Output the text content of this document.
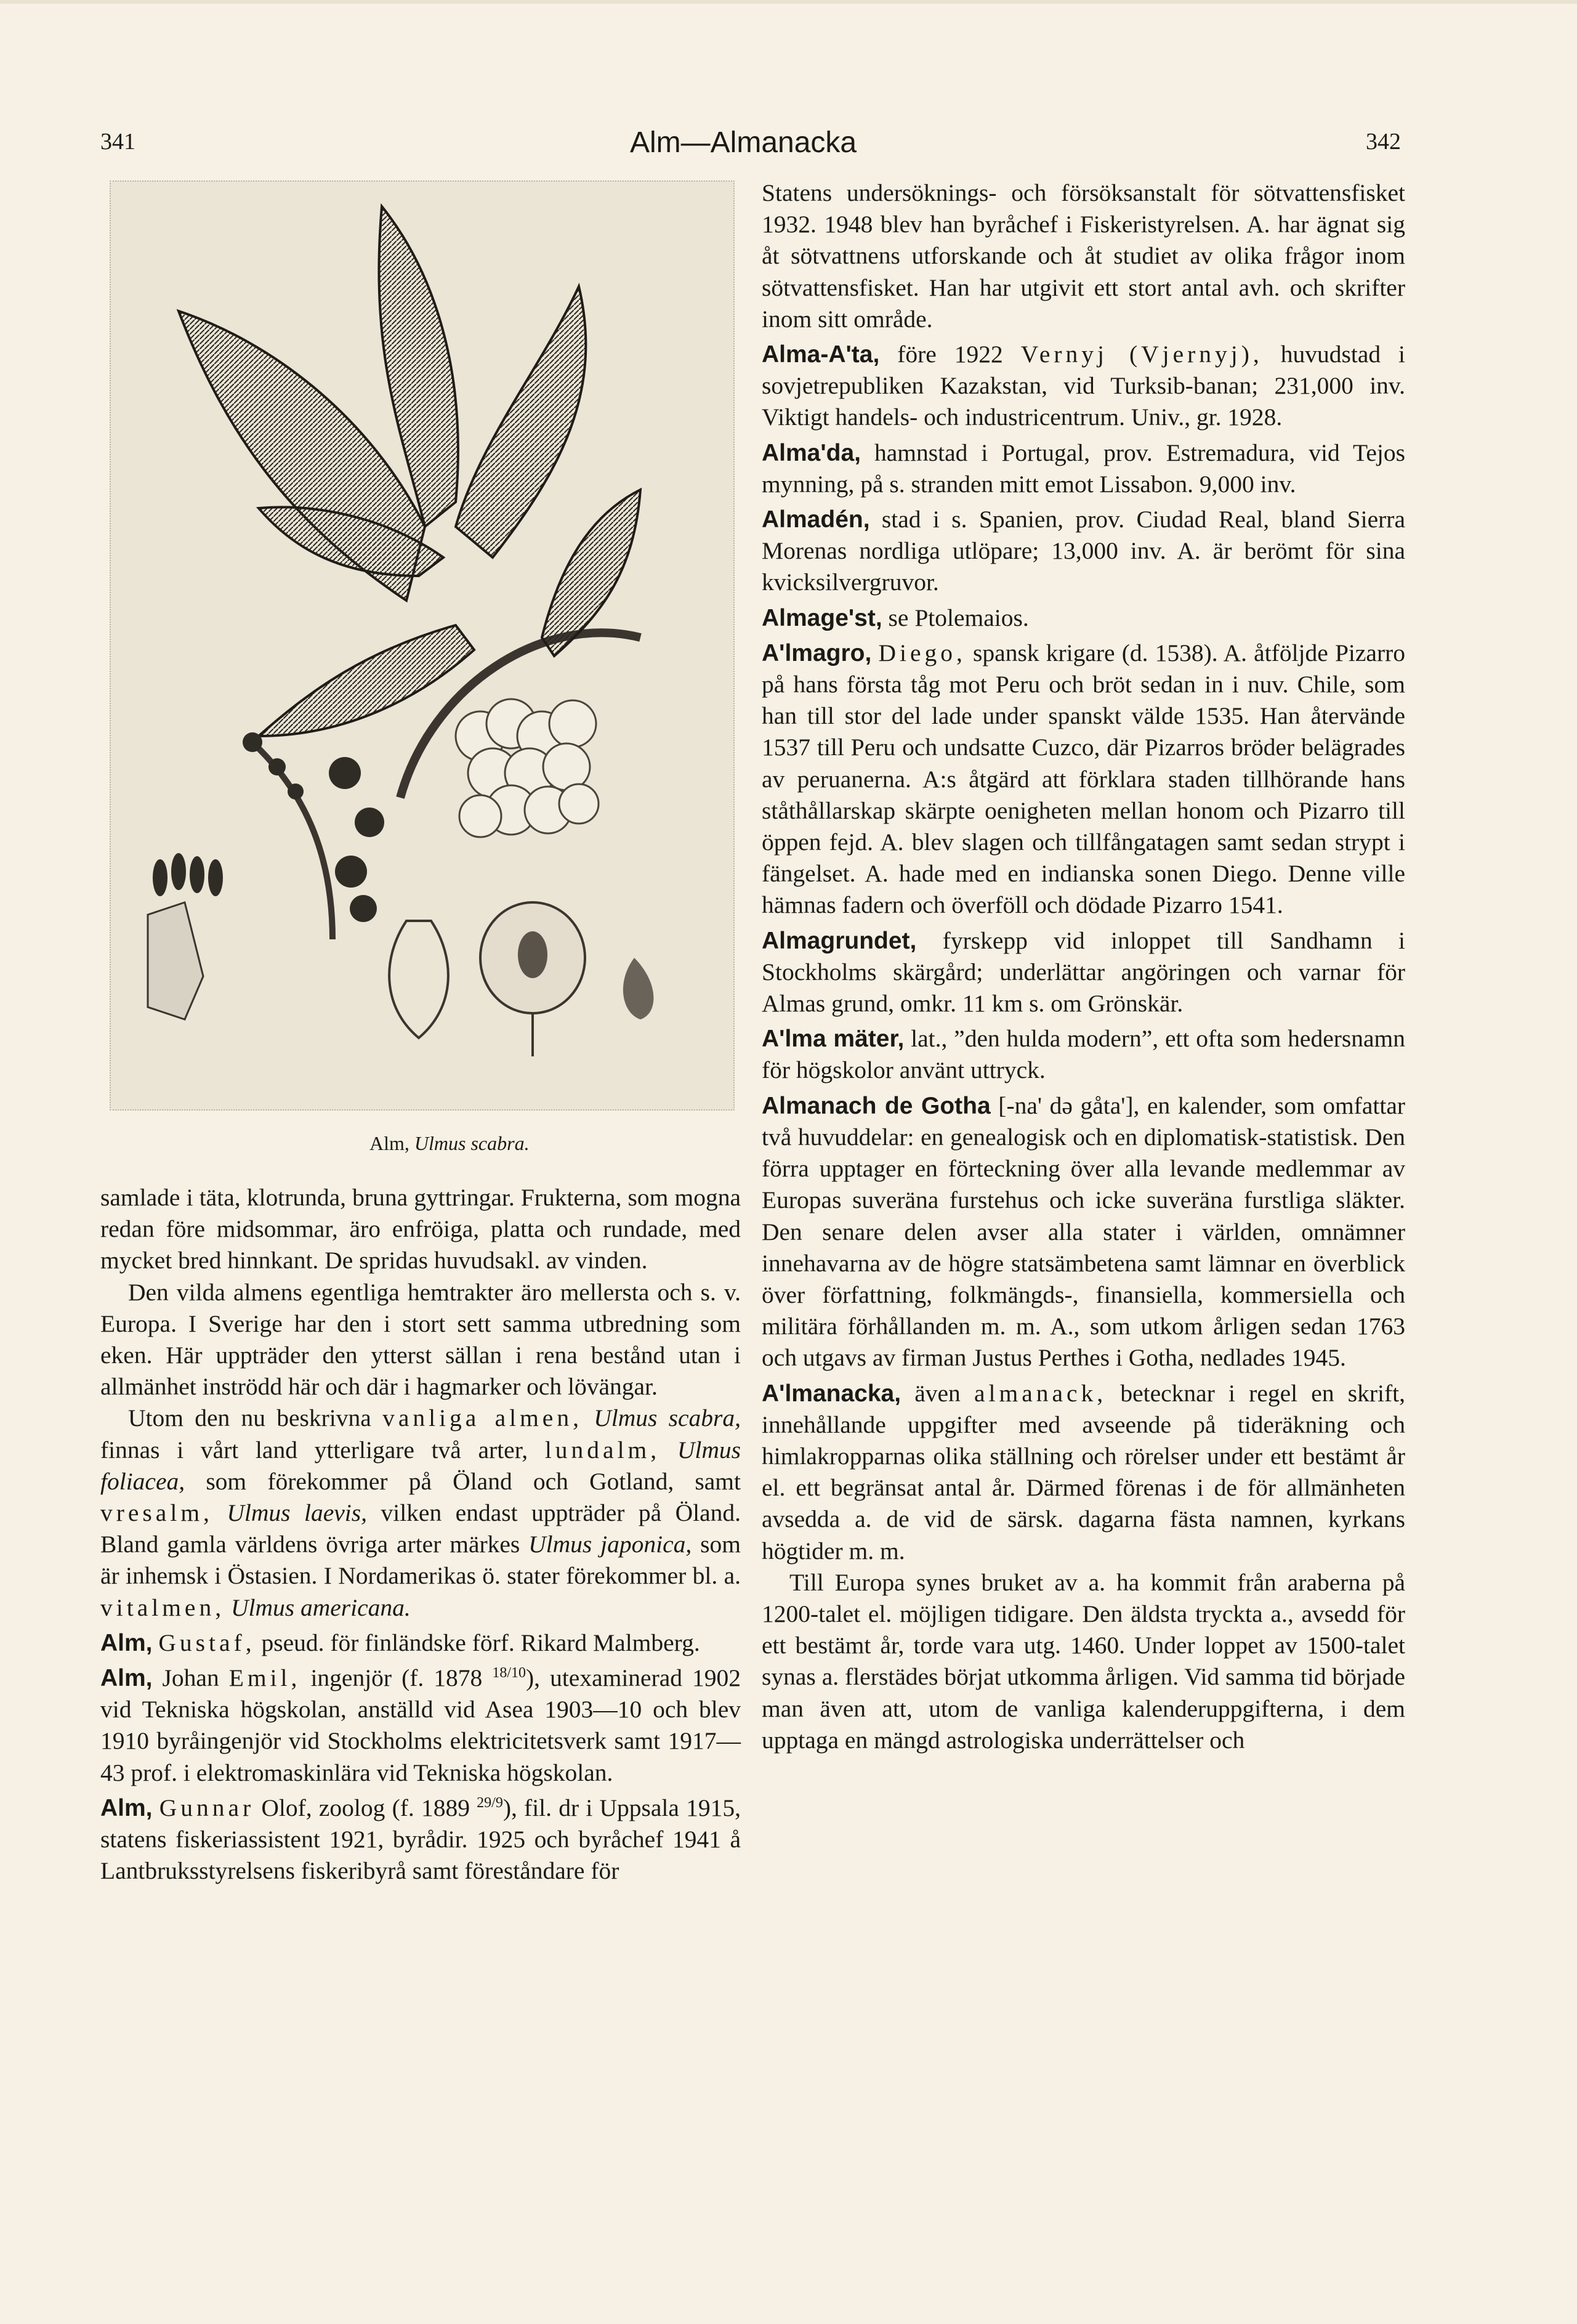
341	Alm—Almanacka	342
Alm, Ulmus scabra.

samlade i täta, klotrunda, bruna gyttringar. Frukterna, som mogna redan före midsommar, äro enfröiga, platta och rundade, med mycket bred hinnkant. De spridas huvudsakl. av vinden.

Den vilda almens egentliga hemtrakter äro mellersta och s. v. Europa. I Sverige har den i stort sett samma utbredning som eken. Här uppträder den ytterst sällan i rena bestånd utan i allmänhet inströdd här och där i hagmarker och lövängar.

Utom den nu beskrivna vanliga almen, Ulmus scabra, finnas i vårt land ytterligare två arter, lundalm, Ulmus foliacea, som förekommer på Öland och Gotland, samt vresalm, Ulmus laevis, vilken endast uppträder på Öland. Bland gamla världens övriga arter märkes Ulmus japonica, som är inhemsk i Östasien. I Nordamerikas ö. stater förekommer bl. a. vitalmen, Ulmus americana.

Alm, Gustaf, pseud. för finländske förf. Rikard Malmberg.

Alm, Johan Emil, ingenjör (f. 1878 $^{18/10}$), utexaminerad 1902 vid Tekniska högskolan, anställd vid Asea 1903—10 och blev 1910 byråingenjör vid Stockholms elektricitetsverk samt 1917—43 prof. i elektromaskinlära vid Tekniska högskolan.

Alm, Gunnar Olof, zoolog (f. 1889 $^{29/9}$), fil. dr i Uppsala 1915, statens fiskeriassistent 1921, byrådir. 1925 och byråchef 1941 å Lantbruksstyrelsens fiskeribyrå samt föreståndare för

Statens undersöknings- och försöksanstalt för sötvattensfisket 1932. 1948 blev han byråchef i Fiskeristyrelsen. A. har ägnat sig åt sötvattnens utforskande och åt studiet av olika frågor inom sötvattensfisket. Han har utgivit ett stort antal avh. och skrifter inom sitt område.

Alma-A'ta, före 1922 Vernyj (Vjernyj), huvudstad i sovjetrepubliken Kazakstan, vid Turksib-banan; 231,000 inv. Viktigt handels- och industricentrum. Univ., gr. 1928.

Alma'da, hamnstad i Portugal, prov. Estremadura, vid Tejos mynning, på s. stranden mitt emot Lissabon. 9,000 inv.

Almadén, stad i s. Spanien, prov. Ciudad Real, bland Sierra Morenas nordliga utlöpare; 13,000 inv. A. är berömt för sina kvicksilvergruvor.

Almage'st, se Ptolemaios.

A'lmagro, Diego, spansk krigare (d. 1538). A. åtföljde Pizarro på hans första tåg mot Peru och bröt sedan in i nuv. Chile, som han till stor del lade under spanskt välde 1535. Han återvände 1537 till Peru och undsatte Cuzco, där Pizarros bröder belägrades av peruanerna. A:s åtgärd att förklara staden tillhörande hans ståthållarskap skärpte oenigheten mellan honom och Pizarro till öppen fejd. A. blev slagen och tillfångatagen samt sedan strypt i fängelset. A. hade med en indianska sonen Diego. Denne ville hämnas fadern och överföll och dödade Pizarro 1541.

Almagrundet, fyrskepp vid inloppet till Sandhamn i Stockholms skärgård; underlättar angöringen och varnar för Almas grund, omkr. 11 km s. om Grönskär.

A'lma mäter, lat., ”den hulda modern”, ett ofta som hedersnamn för högskolor använt uttryck.

Almanach de Gotha [-na' də gåta'], en kalender, som omfattar två huvuddelar: en genealogisk och en diplomatisk-statistisk. Den förra upptager en förteckning över alla levande medlemmar av Europas suveräna furstehus och icke suveräna furstliga släkter. Den senare delen avser alla stater i världen, omnämner innehavarna av de högre statsämbetena samt lämnar en överblick över författning, folkmängds-, finansiella, kommersiella och militära förhållanden m. m. A., som utkom årligen sedan 1763 och utgavs av firman Justus Perthes i Gotha, nedlades 1945.

A'lmanacka, även almanack, betecknar i regel en skrift, innehållande uppgifter med avseende på tideräkning och himlakropparnas olika ställning och rörelser under ett bestämt år el. ett begränsat antal år. Därmed förenas i de för allmänheten avsedda a. de vid de särsk. dagarna fästa namnen, kyrkans högtider m. m.

Till Europa synes bruket av a. ha kommit från araberna på 1200-talet el. möjligen tidigare. Den äldsta tryckta a., avsedd för ett bestämt år, torde vara utg. 1460. Under loppet av 1500-talet synas a. flerstädes börjat utkomma årligen. Vid samma tid började man även att, utom de vanliga kalenderuppgifterna, i dem upptaga en mängd astrologiska underrättelser och
